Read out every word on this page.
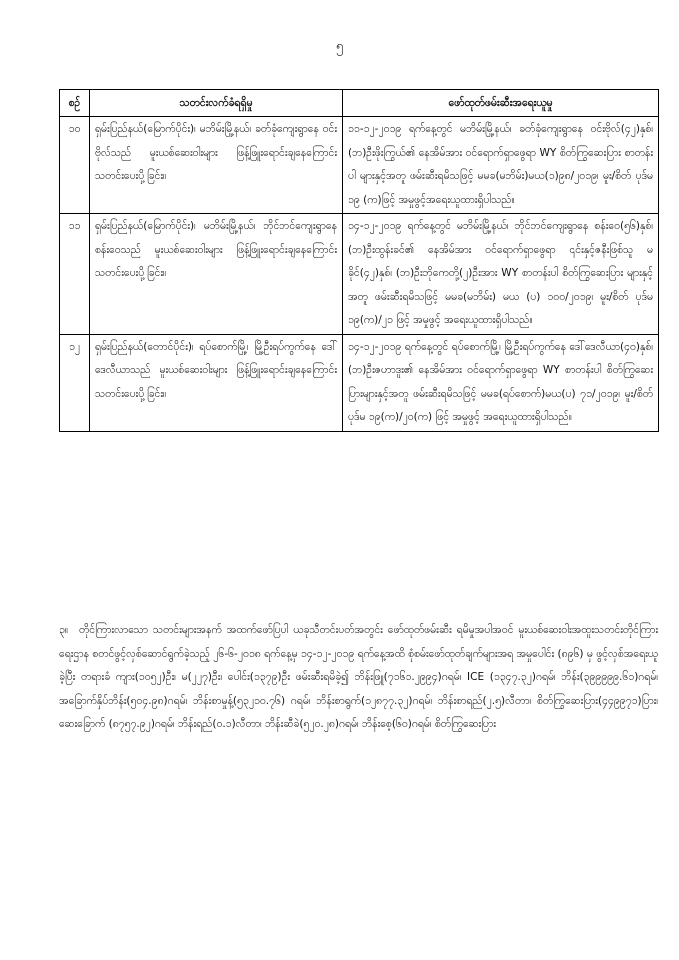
၅
စဉ်	သတင်းလက်ခံရရှိမှု	ဖော်ထုတ်ဖမ်းဆီးအရေးယူမှု
၁၀	ရှမ်းပြည်နယ်(မြောက်ပိုင်း)၊ မဘိမ်းမြို့နယ်၊ ခတ်ခုံကျေးရွာနေ ဝင်းဗိုလ်သည် မူးယစ်ဆေးဝါးများ ဖြန့်ဖြူးရောင်းချနေကြောင်း သတင်းပေးပို့ခြင်း။	၁၁-၁၂-၂၀၁၉ ရက်နေ့တွင် မဘိမ်းမြို့နယ်၊ ခတ်ခုံကျေးရွာနေ ဝင်းဗိုလ်(၄၂)နှစ်၊ (ဘ)ဦးဖိုးကြွယ်၏ နေအိမ်အား ဝင်ရောက်ရှာဖွေရာ WY စိတ်ကြွဆေးပြား စာတန်းပါ များနှင့်အတူ ဖမ်းဆီးရမိသဖြင့် မမခ(မဘိမ်း)မယ(၁)၉၈/၂၀၁၉၊ မူး/စိတ် ပုဒ်မ ၁၉ (က)ဖြင့် အမှုဖွင့်အရေးယူထားရှိပါသည်။
၁၁	ရှမ်းပြည်နယ်(မြောက်ပိုင်း)၊ မဘိမ်းမြို့နယ်၊ ဘိုင်ဘင်ကျေးရွာနေ စန်းဝေသည် မူးယစ်ဆေးဝါးများ ဖြန့်ဖြူးရောင်းချနေကြောင်း သတင်းပေးပို့ခြင်း။	၁၄-၁၂-၂၀၁၉ ရက်နေ့တွင် မဘိမ်းမြို့နယ်၊ ဘိုင်ဘင်ကျေးရွာနေ စန်းဝေ(၅၆)နှစ်၊ (ဘ)ဦးထွန်းခင်၏ နေအိမ်အား ဝင်ရောက်ရှာဖွေရာ ၎င်းနှင့်ဇနီးဖြစ်သူ မခိုင်(၄၂)နှစ်၊ (ဘ)ဦးဘိုကေတို့(၂)ဦးအား WY စာတန်းပါ စိတ်ကြွဆေးပြား များနှင့်အတူ ဖမ်းဆီးရမိသဖြင့် မမခ(မဘိမ်း) မယ (ပ) ၁၀၀/၂၀၁၉၊ မူး/စိတ် ပုဒ်မ ၁၉(က)/၂၁ ဖြင့် အမှုဖွင့် အရေးယူထားရှိပါသည်။
၁၂	ရှမ်းပြည်နယ်(တောင်ပိုင်း)၊ ရပ်စောက်မြို့၊ မြို့ဦးရပ်ကွက်နေ ဒေါ်ဒေလီယာသည် မူးယစ်ဆေးဝါးများ ဖြန့်ဖြူးရောင်းချနေကြောင်း သတင်းပေးပို့ခြင်း။	၁၄-၁၂-၂၀၁၉ ရက်နေ့တွင် ရပ်စောက်မြို့၊ မြို့ဦးရပ်ကွက်နေ ဒေါ်ဒေလီယာ(၄၀)နှစ်၊ (ဘ)ဦးဇဟာဒူး၏ နေအိမ်အား ဝင်ရောက်ရှာဖွေရာ WY စာတန်းပါ စိတ်ကြွဆေးပြားများနှင့်အတူ ဖမ်းဆီးရမိသဖြင့် မမခ(ရပ်စောက်)မယ(ပ) ၇၁/၂၀၁၉၊ မူး/စိတ်ပုဒ်မ ၁၉(က)/၂၀(က) ဖြင့် အမှုဖွင့် အရေးယူထားရှိပါသည်။

၃။ တိုင်ကြားလာသော သတင်းများအနက် အထက်ဖော်ပြပါ ယခုသီတင်းပတ်အတွင်း ဖော်ထုတ်ဖမ်းဆီး ရမိမှုအပါအဝင် မူးယစ်ဆေးဝါးအထူးသတင်းတိုင်ကြားရေးဌာန စတင်ဖွင့်လှစ်ဆောင်ရွက်ခဲ့သည့် ၂၆-၆-၂၀၁၈ ရက်နေ့မှ ၁၄-၁၂-၂၀၁၉ ရက်နေ့အထိ စုံစမ်းဖော်ထုတ်ချက်များအရ အမှုပေါင်း (၈၉၆) မှ ဖွင့်လှစ်အရေးယူခဲ့ပြီး တရားခံ ကျား(၁၀၅၂)ဦး၊ မ(၂၂၇)ဦး၊ ပေါင်း(၁၃၇၉)ဦး ဖမ်းဆီးရမိခဲ့၍ ဘိန်းဖြူ(၇၁၆၁.၂၉၉၄)ဂရမ်၊ ICE (၁၃၄၇.၃၂)ဂရမ်၊ ဘိန်း(၃၉၉၉၉၉.၆၁)ဂရမ်၊ အခြောက်နှိပ်ဘိန်း(၅၀၄.၉၈)ဂရမ်၊ ဘိန်းစာမှုန့်(၅၃၂၁၀.၇၆) ဂရမ်၊ ဘိန်းစာရွက်(၁၂၈၇၇.၃၂)ဂရမ်၊ ဘိန်းစာရည်(၂.၅)လီတာ၊ စိတ်ကြွဆေးပြား(၄၄၉၉၇၁)ပြား၊ ဆေးခြောက် (၈၇၅၇.၉၂)ဂရမ်၊ ဘိန်းရည်(၀.၁)လီတာ၊ ဘိန်းဆီခဲ(၅၂၀.၂၈)ဂရမ်၊ ဘိန်းစေ့(၆၀)ဂရမ်၊ စိတ်ကြွဆေးပြား
